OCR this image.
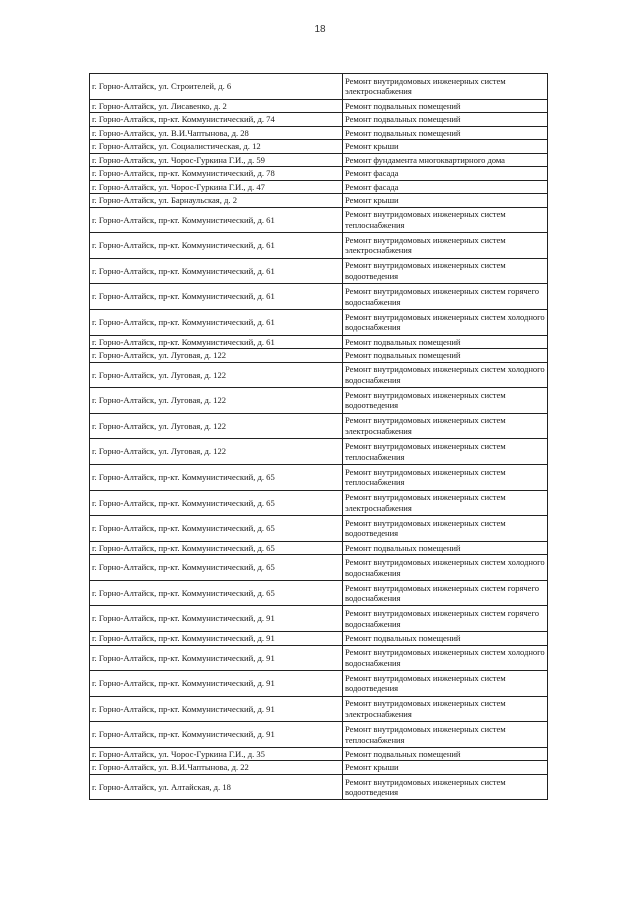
18
г. Горно-Алтайск, ул. Строителей, д. 6	Ремонт внутридомовых инженерных систем электроснабжения
г. Горно-Алтайск, ул. Лисавенко, д. 2	Ремонт подвальных помещений
г. Горно-Алтайск, пр-кт. Коммунистический, д. 74	Ремонт подвальных помещений
г. Горно-Алтайск, ул. В.И.Чаптынова, д. 28	Ремонт подвальных помещений
г. Горно-Алтайск, ул. Социалистическая, д. 12	Ремонт крыши
г. Горно-Алтайск, ул. Чорос-Гуркина Г.И., д. 59	Ремонт фундамента многоквартирного дома
г. Горно-Алтайск, пр-кт. Коммунистический, д. 78	Ремонт фасада
г. Горно-Алтайск, ул. Чорос-Гуркина Г.И., д. 47	Ремонт фасада
г. Горно-Алтайск, ул. Барнаульская, д. 2	Ремонт крыши
г. Горно-Алтайск, пр-кт. Коммунистический, д. 61	Ремонт внутридомовых инженерных систем теплоснабжения
г. Горно-Алтайск, пр-кт. Коммунистический, д. 61	Ремонт внутридомовых инженерных систем электроснабжения
г. Горно-Алтайск, пр-кт. Коммунистический, д. 61	Ремонт внутридомовых инженерных систем водоотведения
г. Горно-Алтайск, пр-кт. Коммунистический, д. 61	Ремонт внутридомовых инженерных систем горячего водоснабжения
г. Горно-Алтайск, пр-кт. Коммунистический, д. 61	Ремонт внутридомовых инженерных систем холодного водоснабжения
г. Горно-Алтайск, пр-кт. Коммунистический, д. 61	Ремонт подвальных помещений
г. Горно-Алтайск, ул. Луговая, д. 122	Ремонт подвальных помещений
г. Горно-Алтайск, ул. Луговая, д. 122	Ремонт внутридомовых инженерных систем холодного водоснабжения
г. Горно-Алтайск, ул. Луговая, д. 122	Ремонт внутридомовых инженерных систем водоотведения
г. Горно-Алтайск, ул. Луговая, д. 122	Ремонт внутридомовых инженерных систем электроснабжения
г. Горно-Алтайск, ул. Луговая, д. 122	Ремонт внутридомовых инженерных систем теплоснабжения
г. Горно-Алтайск, пр-кт. Коммунистический, д. 65	Ремонт внутридомовых инженерных систем теплоснабжения
г. Горно-Алтайск, пр-кт. Коммунистический, д. 65	Ремонт внутридомовых инженерных систем электроснабжения
г. Горно-Алтайск, пр-кт. Коммунистический, д. 65	Ремонт внутридомовых инженерных систем водоотведения
г. Горно-Алтайск, пр-кт. Коммунистический, д. 65	Ремонт подвальных помещений
г. Горно-Алтайск, пр-кт. Коммунистический, д. 65	Ремонт внутридомовых инженерных систем холодного водоснабжения
г. Горно-Алтайск, пр-кт. Коммунистический, д. 65	Ремонт внутридомовых инженерных систем горячего водоснабжения
г. Горно-Алтайск, пр-кт. Коммунистический, д. 91	Ремонт внутридомовых инженерных систем горячего водоснабжения
г. Горно-Алтайск, пр-кт. Коммунистический, д. 91	Ремонт подвальных помещений
г. Горно-Алтайск, пр-кт. Коммунистический, д. 91	Ремонт внутридомовых инженерных систем холодного водоснабжения
г. Горно-Алтайск, пр-кт. Коммунистический, д. 91	Ремонт внутридомовых инженерных систем водоотведения
г. Горно-Алтайск, пр-кт. Коммунистический, д. 91	Ремонт внутридомовых инженерных систем электроснабжения
г. Горно-Алтайск, пр-кт. Коммунистический, д. 91	Ремонт внутридомовых инженерных систем теплоснабжения
г. Горно-Алтайск, ул. Чорос-Гуркина Г.И., д. 35	Ремонт подвальных помещений
г. Горно-Алтайск, ул. В.И.Чаптынова, д. 22	Ремонт крыши
г. Горно-Алтайск, ул. Алтайская, д. 18	Ремонт внутридомовых инженерных систем водоотведения
